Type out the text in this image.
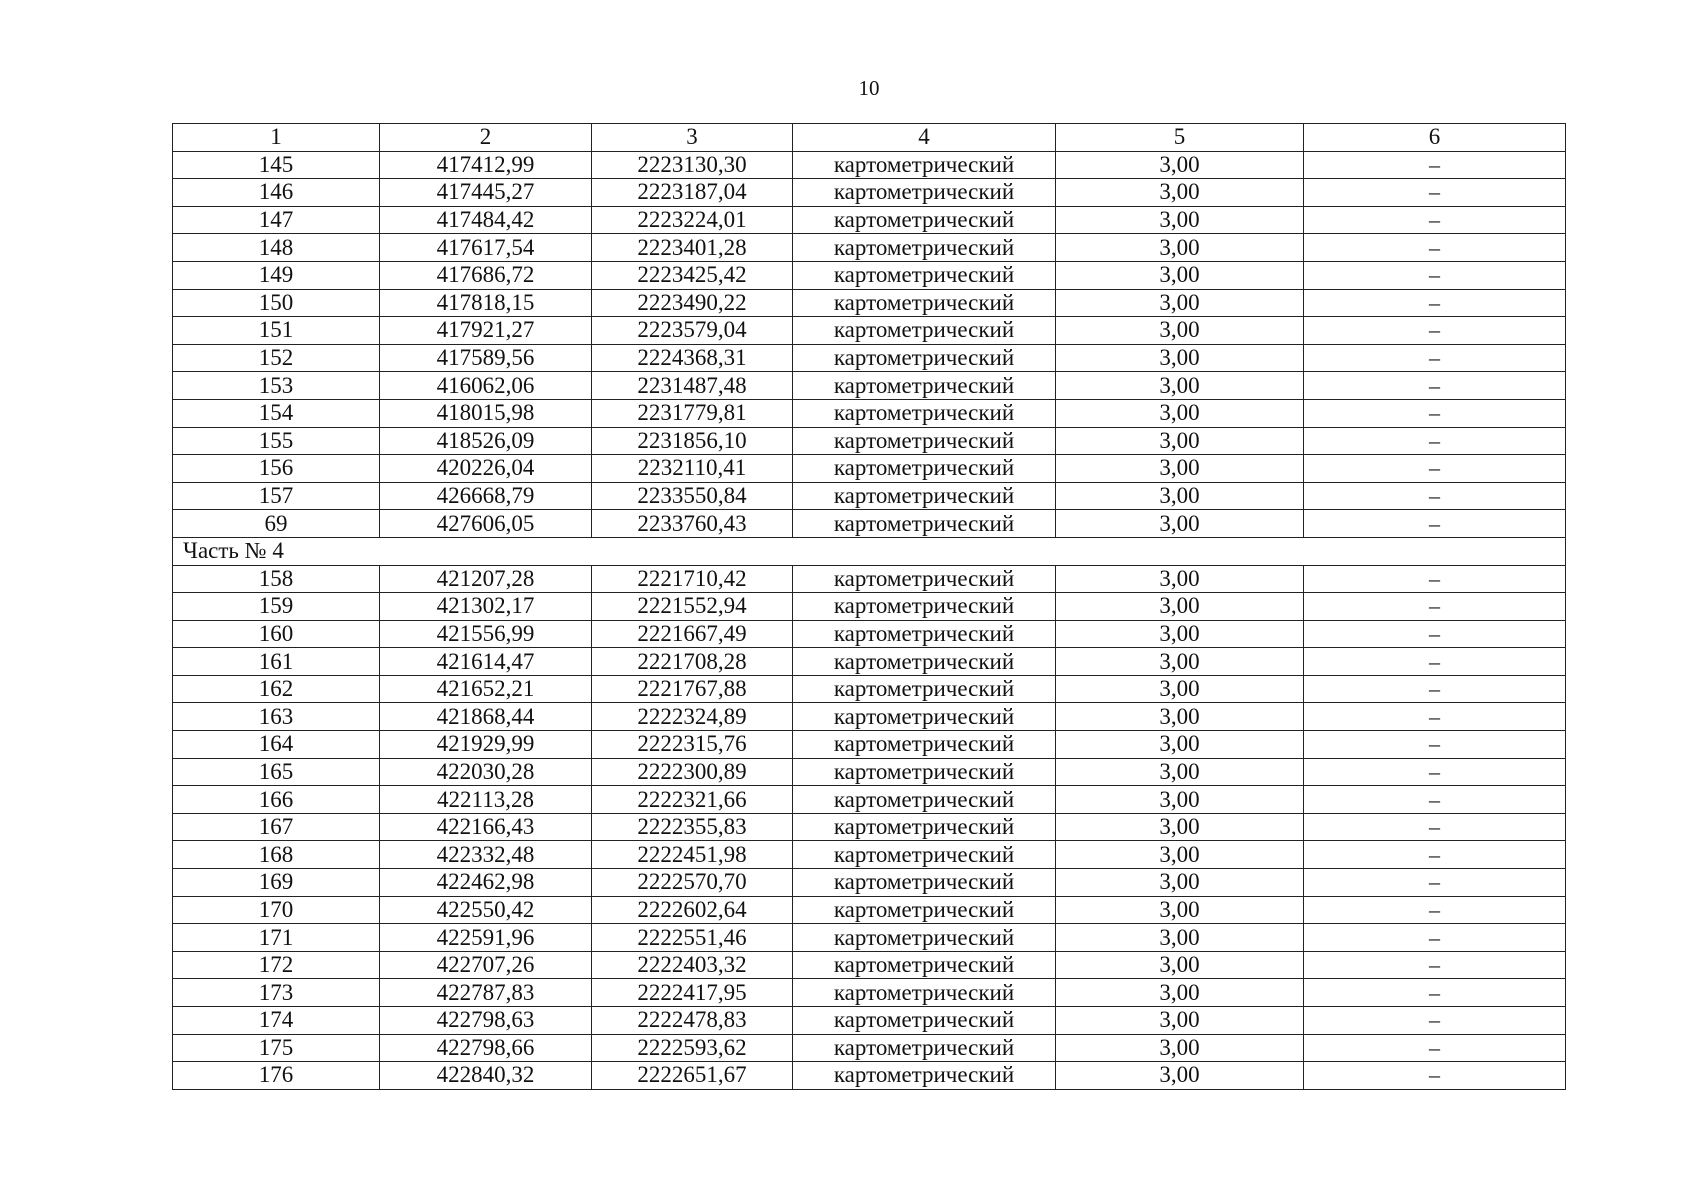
10
1	2	3	4	5	6
145	417412,99	2223130,30	картометрический	3,00	–
146	417445,27	2223187,04	картометрический	3,00	–
147	417484,42	2223224,01	картометрический	3,00	–
148	417617,54	2223401,28	картометрический	3,00	–
149	417686,72	2223425,42	картометрический	3,00	–
150	417818,15	2223490,22	картометрический	3,00	–
151	417921,27	2223579,04	картометрический	3,00	–
152	417589,56	2224368,31	картометрический	3,00	–
153	416062,06	2231487,48	картометрический	3,00	–
154	418015,98	2231779,81	картометрический	3,00	–
155	418526,09	2231856,10	картометрический	3,00	–
156	420226,04	2232110,41	картометрический	3,00	–
157	426668,79	2233550,84	картометрический	3,00	–
69	427606,05	2233760,43	картометрический	3,00	–
Часть № 4					
158	421207,28	2221710,42	картометрический	3,00	–
159	421302,17	2221552,94	картометрический	3,00	–
160	421556,99	2221667,49	картометрический	3,00	–
161	421614,47	2221708,28	картометрический	3,00	–
162	421652,21	2221767,88	картометрический	3,00	–
163	421868,44	2222324,89	картометрический	3,00	–
164	421929,99	2222315,76	картометрический	3,00	–
165	422030,28	2222300,89	картометрический	3,00	–
166	422113,28	2222321,66	картометрический	3,00	–
167	422166,43	2222355,83	картометрический	3,00	–
168	422332,48	2222451,98	картометрический	3,00	–
169	422462,98	2222570,70	картометрический	3,00	–
170	422550,42	2222602,64	картометрический	3,00	–
171	422591,96	2222551,46	картометрический	3,00	–
172	422707,26	2222403,32	картометрический	3,00	–
173	422787,83	2222417,95	картометрический	3,00	–
174	422798,63	2222478,83	картометрический	3,00	–
175	422798,66	2222593,62	картометрический	3,00	–
176	422840,32	2222651,67	картометрический	3,00	–
